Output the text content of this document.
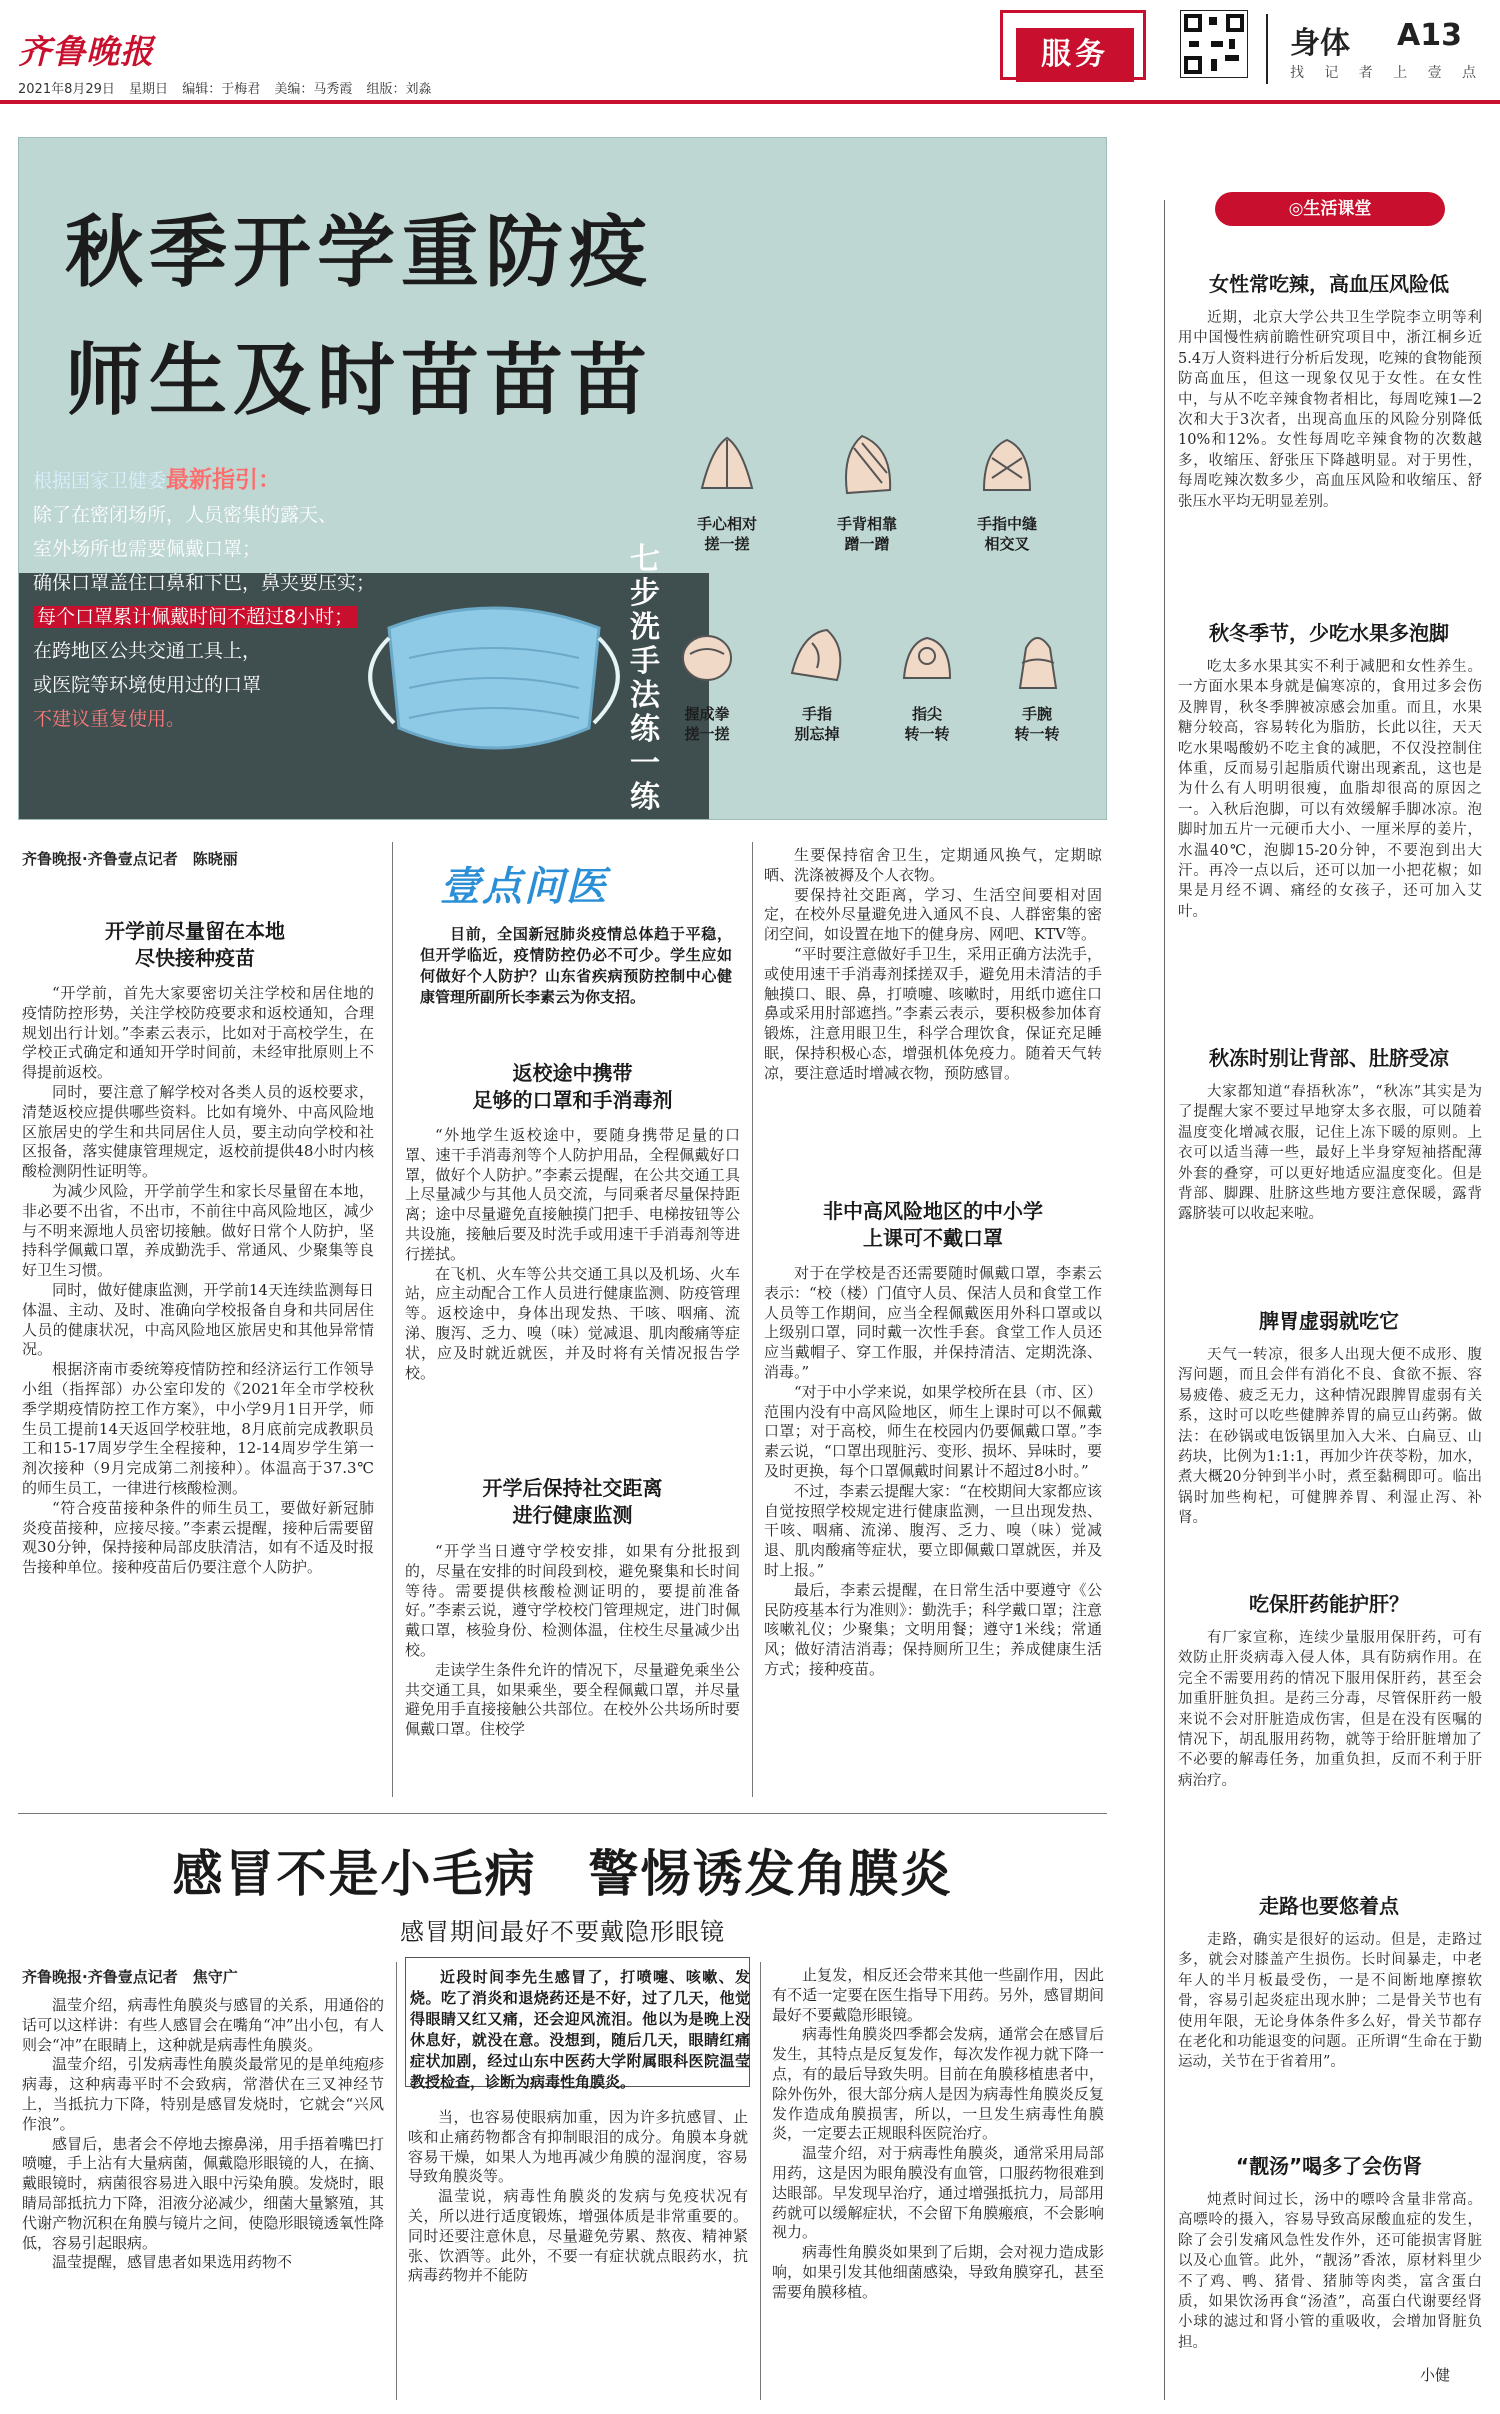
齐鲁晚报
2021年8月29日 星期日 编辑：于梅君 美编：马秀霞 组版：刘淼
服务	身体 A13
找 记 者 上 壹 点
秋季开学重防疫
师生及时苗苗苗
根据国家卫健委最新指引：
除了在密闭场所，人员密集的露天、
室外场所也需要佩戴口罩；
确保口罩盖住口鼻和下巴，鼻夹要压实；
每个口罩累计佩戴时间不超过8小时；
在跨地区公共交通工具上，
或医院等环境使用过的口罩
不建议重复使用。
七步洗手法练一练
手心相对
搓一搓
手背相靠
蹭一蹭
手指中缝
相交叉
握成拳
搓一搓
手指
别忘掉
指尖
转一转
手腕
转一转
齐鲁晚报·齐鲁壹点记者　陈晓丽
开学前尽量留在本地
尽快接种疫苗

“开学前，首先大家要密切关注学校和居住地的疫情防控形势，关注学校防疫要求和返校通知，合理规划出行计划。”李素云表示，比如对于高校学生，在学校正式确定和通知开学时间前，未经审批原则上不得提前返校。

同时，要注意了解学校对各类人员的返校要求，清楚返校应提供哪些资料。比如有境外、中高风险地区旅居史的学生和共同居住人员，要主动向学校和社区报备，落实健康管理规定，返校前提供48小时内核酸检测阴性证明等。

为减少风险，开学前学生和家长尽量留在本地，非必要不出省，不出市，不前往中高风险地区，减少与不明来源地人员密切接触。做好日常个人防护，坚持科学佩戴口罩，养成勤洗手、常通风、少聚集等良好卫生习惯。

同时，做好健康监测，开学前14天连续监测每日体温、主动、及时、准确向学校报备自身和共同居住人员的健康状况，中高风险地区旅居史和其他异常情况。

根据济南市委统筹疫情防控和经济运行工作领导小组（指挥部）办公室印发的《2021年全市学校秋季学期疫情防控工作方案》，中小学9月1日开学，师生员工提前14天返回学校驻地，8月底前完成教职员工和15-17周岁学生全程接种，12-14周岁学生第一剂次接种（9月完成第二剂接种）。体温高于37.3℃的师生员工，一律进行核酸检测。

“符合疫苗接种条件的师生员工，要做好新冠肺炎疫苗接种，应接尽接。”李素云提醒，接种后需要留观30分钟，保持接种局部皮肤清洁，如有不适及时报告接种单位。接种疫苗后仍要注意个人防护。

壹点问医
目前，全国新冠肺炎疫情总体趋于平稳，但开学临近，疫情防控仍必不可少。学生应如何做好个人防护？山东省疾病预防控制中心健康管理所副所长李素云为你支招。
返校途中携带
足够的口罩和手消毒剂

“外地学生返校途中，要随身携带足量的口罩、速干手消毒剂等个人防护用品，全程佩戴好口罩，做好个人防护。”李素云提醒，在公共交通工具上尽量减少与其他人员交流，与同乘者尽量保持距离；途中尽量避免直接触摸门把手、电梯按钮等公共设施，接触后要及时洗手或用速干手消毒剂等进行搓拭。

在飞机、火车等公共交通工具以及机场、火车站，应主动配合工作人员进行健康监测、防疫管理等。返校途中，身体出现发热、干咳、咽痛、流涕、腹泻、乏力、嗅（味）觉减退、肌肉酸痛等症状，应及时就近就医，并及时将有关情况报告学校。

开学后保持社交距离
进行健康监测

“开学当日遵守学校安排，如果有分批报到的，尽量在安排的时间段到校，避免聚集和长时间等待。需要提供核酸检测证明的，要提前准备好。”李素云说，遵守学校校门管理规定，进门时佩戴口罩，核验身份、检测体温，住校生尽量减少出校。

走读学生条件允许的情况下，尽量避免乘坐公共交通工具，如果乘坐，要全程佩戴口罩，并尽量避免用手直接接触公共部位。在校外公共场所时要佩戴口罩。住校学

生要保持宿舍卫生，定期通风换气，定期晾晒、洗涤被褥及个人衣物。

要保持社交距离，学习、生活空间要相对固定，在校外尽量避免进入通风不良、人群密集的密闭空间，如设置在地下的健身房、网吧、KTV等。

“平时要注意做好手卫生，采用正确方法洗手，或使用速干手消毒剂揉搓双手，避免用未清洁的手触摸口、眼、鼻，打喷嚏、咳嗽时，用纸巾遮住口鼻或采用肘部遮挡。”李素云表示，要积极参加体育锻炼，注意用眼卫生，科学合理饮食，保证充足睡眠，保持积极心态，增强机体免疫力。随着天气转凉，要注意适时增减衣物，预防感冒。

非中高风险地区的中小学
上课可不戴口罩

对于在学校是否还需要随时佩戴口罩，李素云表示：“校（楼）门值守人员、保洁人员和食堂工作人员等工作期间，应当全程佩戴医用外科口罩或以上级别口罩，同时戴一次性手套。食堂工作人员还应当戴帽子、穿工作服，并保持清洁、定期洗涤、消毒。”

“对于中小学来说，如果学校所在县（市、区）范围内没有中高风险地区，师生上课时可以不佩戴口罩；对于高校，师生在校园内仍要佩戴口罩。”李素云说，“口罩出现脏污、变形、损坏、异味时，要及时更换，每个口罩佩戴时间累计不超过8小时。”

不过，李素云提醒大家：“在校期间大家都应该自觉按照学校规定进行健康监测，一旦出现发热、干咳、咽痛、流涕、腹泻、乏力、嗅（味）觉减退、肌肉酸痛等症状，要立即佩戴口罩就医，并及时上报。”

最后，李素云提醒，在日常生活中要遵守《公民防疫基本行为准则》：勤洗手；科学戴口罩；注意咳嗽礼仪；少聚集；文明用餐；遵守1米线；常通风；做好清洁消毒；保持厕所卫生；养成健康生活方式；接种疫苗。

感冒不是小毛病　警惕诱发角膜炎
感冒期间最好不要戴隐形眼镜
齐鲁晚报·齐鲁壹点记者　焦守广

温莹介绍，病毒性角膜炎与感冒的关系，用通俗的话可以这样讲：有些人感冒会在嘴角“冲”出小包，有人则会“冲”在眼睛上，这种就是病毒性角膜炎。

温莹介绍，引发病毒性角膜炎最常见的是单纯疱疹病毒，这种病毒平时不会致病，常潜伏在三叉神经节上，当抵抗力下降，特别是感冒发烧时，它就会“兴风作浪”。

感冒后，患者会不停地去擦鼻涕，用手捂着嘴巴打喷嚏，手上沾有大量病菌，佩戴隐形眼镜的人，在摘、戴眼镜时，病菌很容易进入眼中污染角膜。发烧时，眼睛局部抵抗力下降，泪液分泌减少，细菌大量繁殖，其代谢产物沉积在角膜与镜片之间，使隐形眼镜透氧性降低，容易引起眼病。

温莹提醒，感冒患者如果选用药物不

近段时间李先生感冒了，打喷嚏、咳嗽、发烧。吃了消炎和退烧药还是不好，过了几天，他觉得眼睛又红又痛，还会迎风流泪。他以为是晚上没休息好，就没在意。没想到，随后几天，眼睛红痛症状加剧，经过山东中医药大学附属眼科医院温莹教授检查，诊断为病毒性角膜炎。

当，也容易使眼病加重，因为许多抗感冒、止咳和止痛药物都含有抑制眼泪的成分。角膜本身就容易干燥，如果人为地再减少角膜的湿润度，容易导致角膜炎等。

温莹说，病毒性角膜炎的发病与免疫状况有关，所以进行适度锻炼，增强体质是非常重要的。同时还要注意休息，尽量避免劳累、熬夜、精神紧张、饮酒等。此外，不要一有症状就点眼药水，抗病毒药物并不能防

止复发，相反还会带来其他一些副作用，因此有不适一定要在医生指导下用药。另外，感冒期间最好不要戴隐形眼镜。

病毒性角膜炎四季都会发病，通常会在感冒后发生，其特点是反复发作，每次发作视力就下降一点，有的最后导致失明。目前在角膜移植患者中，除外伤外，很大部分病人是因为病毒性角膜炎反复发作造成角膜损害，所以，一旦发生病毒性角膜炎，一定要去正规眼科医院治疗。

温莹介绍，对于病毒性角膜炎，通常采用局部用药，这是因为眼角膜没有血管，口服药物很难到达眼部。早发现早治疗，通过增强抵抗力，局部用药就可以缓解症状，不会留下角膜瘢痕，不会影响视力。

病毒性角膜炎如果到了后期，会对视力造成影响，如果引发其他细菌感染，导致角膜穿孔，甚至需要角膜移植。

◎生活课堂
女性常吃辣，高血压风险低
近期，北京大学公共卫生学院李立明等利用中国慢性病前瞻性研究项目中，浙江桐乡近5.4万人资料进行分析后发现，吃辣的食物能预防高血压，但这一现象仅见于女性。在女性中，与从不吃辛辣食物者相比，每周吃辣1—2次和大于3次者，出现高血压的风险分别降低10%和12%。女性每周吃辛辣食物的次数越多，收缩压、舒张压下降越明显。对于男性，每周吃辣次数多少，高血压风险和收缩压、舒张压水平均无明显差别。
秋冬季节，少吃水果多泡脚
吃太多水果其实不利于减肥和女性养生。一方面水果本身就是偏寒凉的，食用过多会伤及脾胃，秋冬季脾被凉感会加重。而且，水果糖分较高，容易转化为脂肪，长此以往，天天吃水果喝酸奶不吃主食的减肥，不仅没控制住体重，反而易引起脂质代谢出现紊乱，这也是为什么有人明明很瘦，血脂却很高的原因之一。入秋后泡脚，可以有效缓解手脚冰凉。泡脚时加五片一元硬币大小、一厘米厚的姜片，水温40℃，泡脚15-20分钟，不要泡到出大汗。再冷一点以后，还可以加一小把花椒；如果是月经不调、痛经的女孩子，还可加入艾叶。
秋冻时别让背部、肚脐受凉
大家都知道“春捂秋冻”，“秋冻”其实是为了提醒大家不要过早地穿太多衣服，可以随着温度变化增减衣服，记住上冻下暖的原则。上衣可以适当薄一些，最好上半身穿短袖搭配薄外套的叠穿，可以更好地适应温度变化。但是背部、脚踝、肚脐这些地方要注意保暖，露背露脐装可以收起来啦。
脾胃虚弱就吃它
天气一转凉，很多人出现大便不成形、腹泻问题，而且会伴有消化不良、食欲不振、容易疲倦、疲乏无力，这种情况跟脾胃虚弱有关系，这时可以吃些健脾养胃的扁豆山药粥。做法：在砂锅或电饭锅里加入大米、白扁豆、山药块，比例为1:1:1，再加少许茯苓粉，加水，煮大概20分钟到半小时，煮至黏稠即可。临出锅时加些枸杞，可健脾养胃、利湿止泻、补肾。
吃保肝药能护肝？
有厂家宣称，连续少量服用保肝药，可有效防止肝炎病毒入侵人体，具有防病作用。在完全不需要用药的情况下服用保肝药，甚至会加重肝脏负担。是药三分毒，尽管保肝药一般来说不会对肝脏造成伤害，但是在没有医嘱的情况下，胡乱服用药物，就等于给肝脏增加了不必要的解毒任务，加重负担，反而不利于肝病治疗。
走路也要悠着点
走路，确实是很好的运动。但是，走路过多，就会对膝盖产生损伤。长时间暴走，中老年人的半月板最受伤，一是不间断地摩擦软骨，容易引起炎症出现水肿；二是骨关节也有使用年限，无论身体条件多么好，骨关节都存在老化和功能退变的问题。正所谓“生命在于勤运动，关节在于省着用”。
“靓汤”喝多了会伤肾
炖煮时间过长，汤中的嘌呤含量非常高。高嘌呤的摄入，容易导致高尿酸血症的发生，除了会引发痛风急性发作外，还可能损害肾脏以及心血管。此外，“靓汤”香浓，原材料里少不了鸡、鸭、猪骨、猪肺等肉类，富含蛋白质，如果饮汤再食“汤渣”，高蛋白代谢要经肾小球的滤过和肾小管的重吸收，会增加肾脏负担。
小健
